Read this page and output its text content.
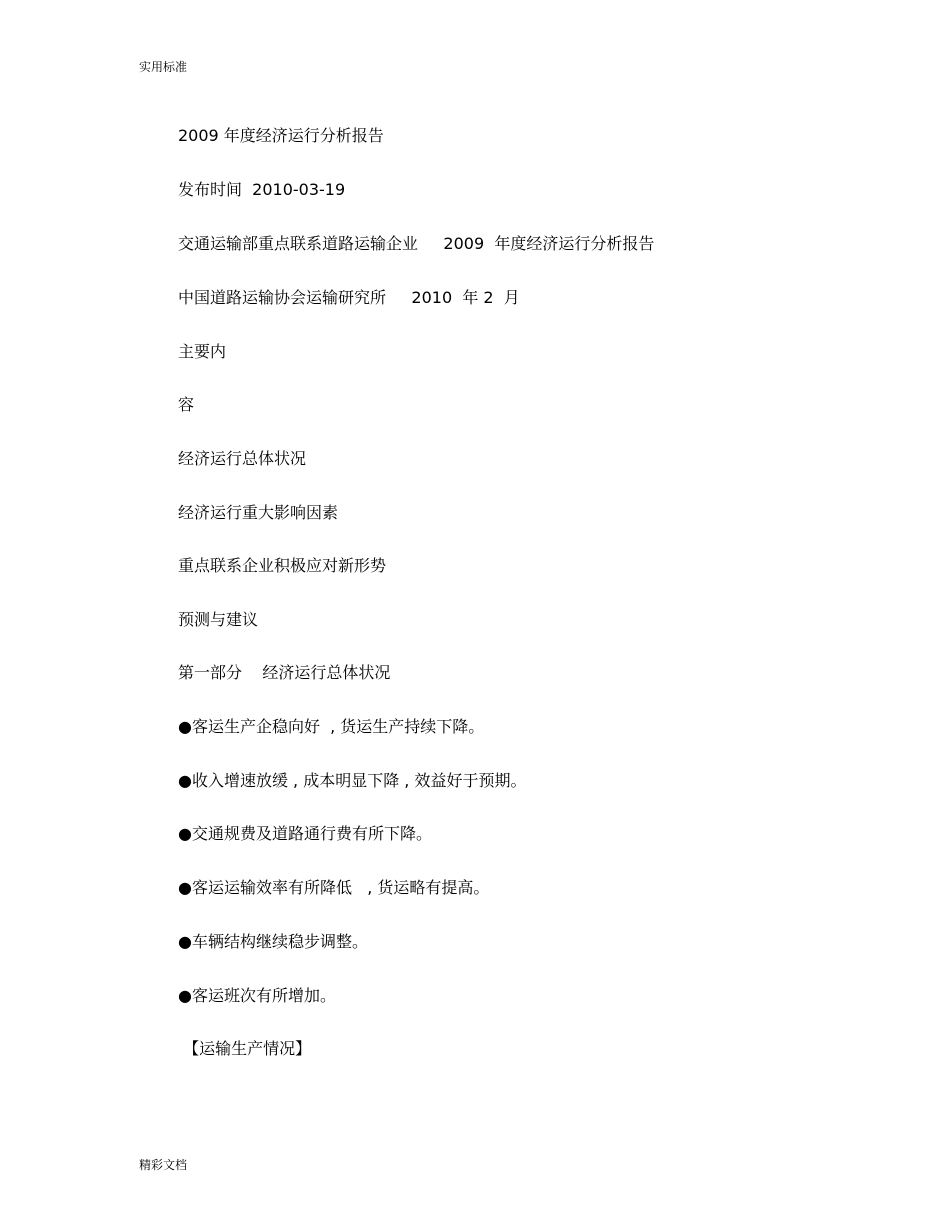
实用标准
2009 年度经济运行分析报告
发布时间  2010-03-19
交通运输部重点联系道路运输企业     2009  年度经济运行分析报告
中国道路运输协会运输研究所     2010  年 2  月
主要内
容
经济运行总体状况
经济运行重大影响因素
重点联系企业积极应对新形势
预测与建议
第一部分    经济运行总体状况
●客运生产企稳向好  , 货运生产持续下降。
●收入增速放缓 , 成本明显下降 , 效益好于预期。
●交通规费及道路通行费有所下降。
●客运运输效率有所降低   , 货运略有提高。
●车辆结构继续稳步调整。
●客运班次有所增加。
【运输生产情况】
精彩文档
